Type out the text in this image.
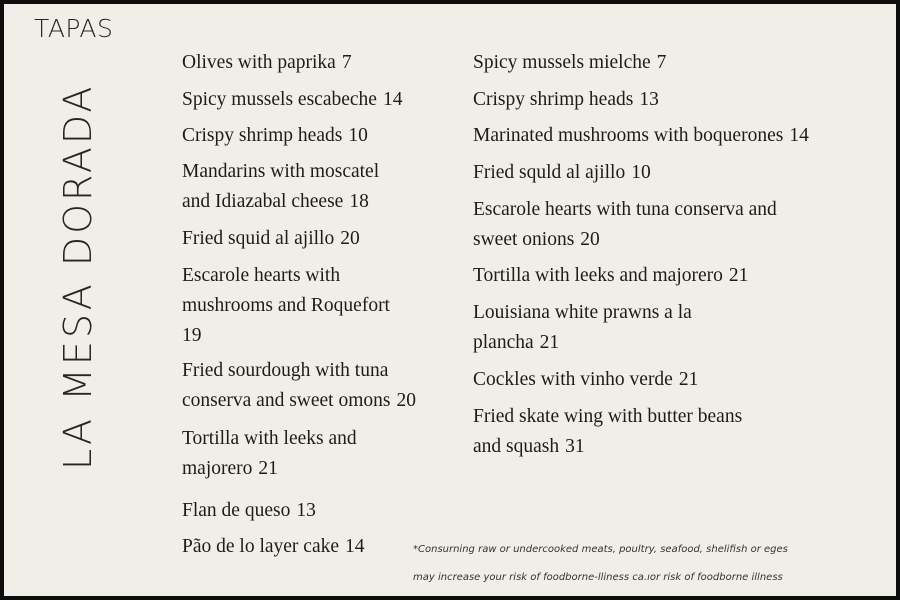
TAPAS
LA MESA DORADA
Olives with paprika 7
Spicy mussels escabeche 14
Crispy shrimp heads 10
Mandarins with moscatel
and Idiazabal cheese 18
Fried squid al ajillo 20
Escarole hearts with
mushrooms and Roquefort
19
Fried sourdough with tuna
conserva and sweet omons 20
Tortilla with leeks and
majorero 21
Flan de queso 13
Pão de lo layer cake 14
Spicy mussels mielche 7
Crispy shrimp heads 13
Marinated mushrooms with boquerones 14
Fried squld al ajillo 10
Escarole hearts with tuna conserva and
sweet onions 20
Tortilla with leeks and majorero 21
Louisiana white prawns a la
plancha 21
Cockles with vinho verde 21
Fried skate wing with butter beans
and squash 31
*Consurning raw or undercooked meats, poultry, seafood, shelifish or eges
may increase your risk of foodborne-lliness ca.ıor risk of foodborne illness
